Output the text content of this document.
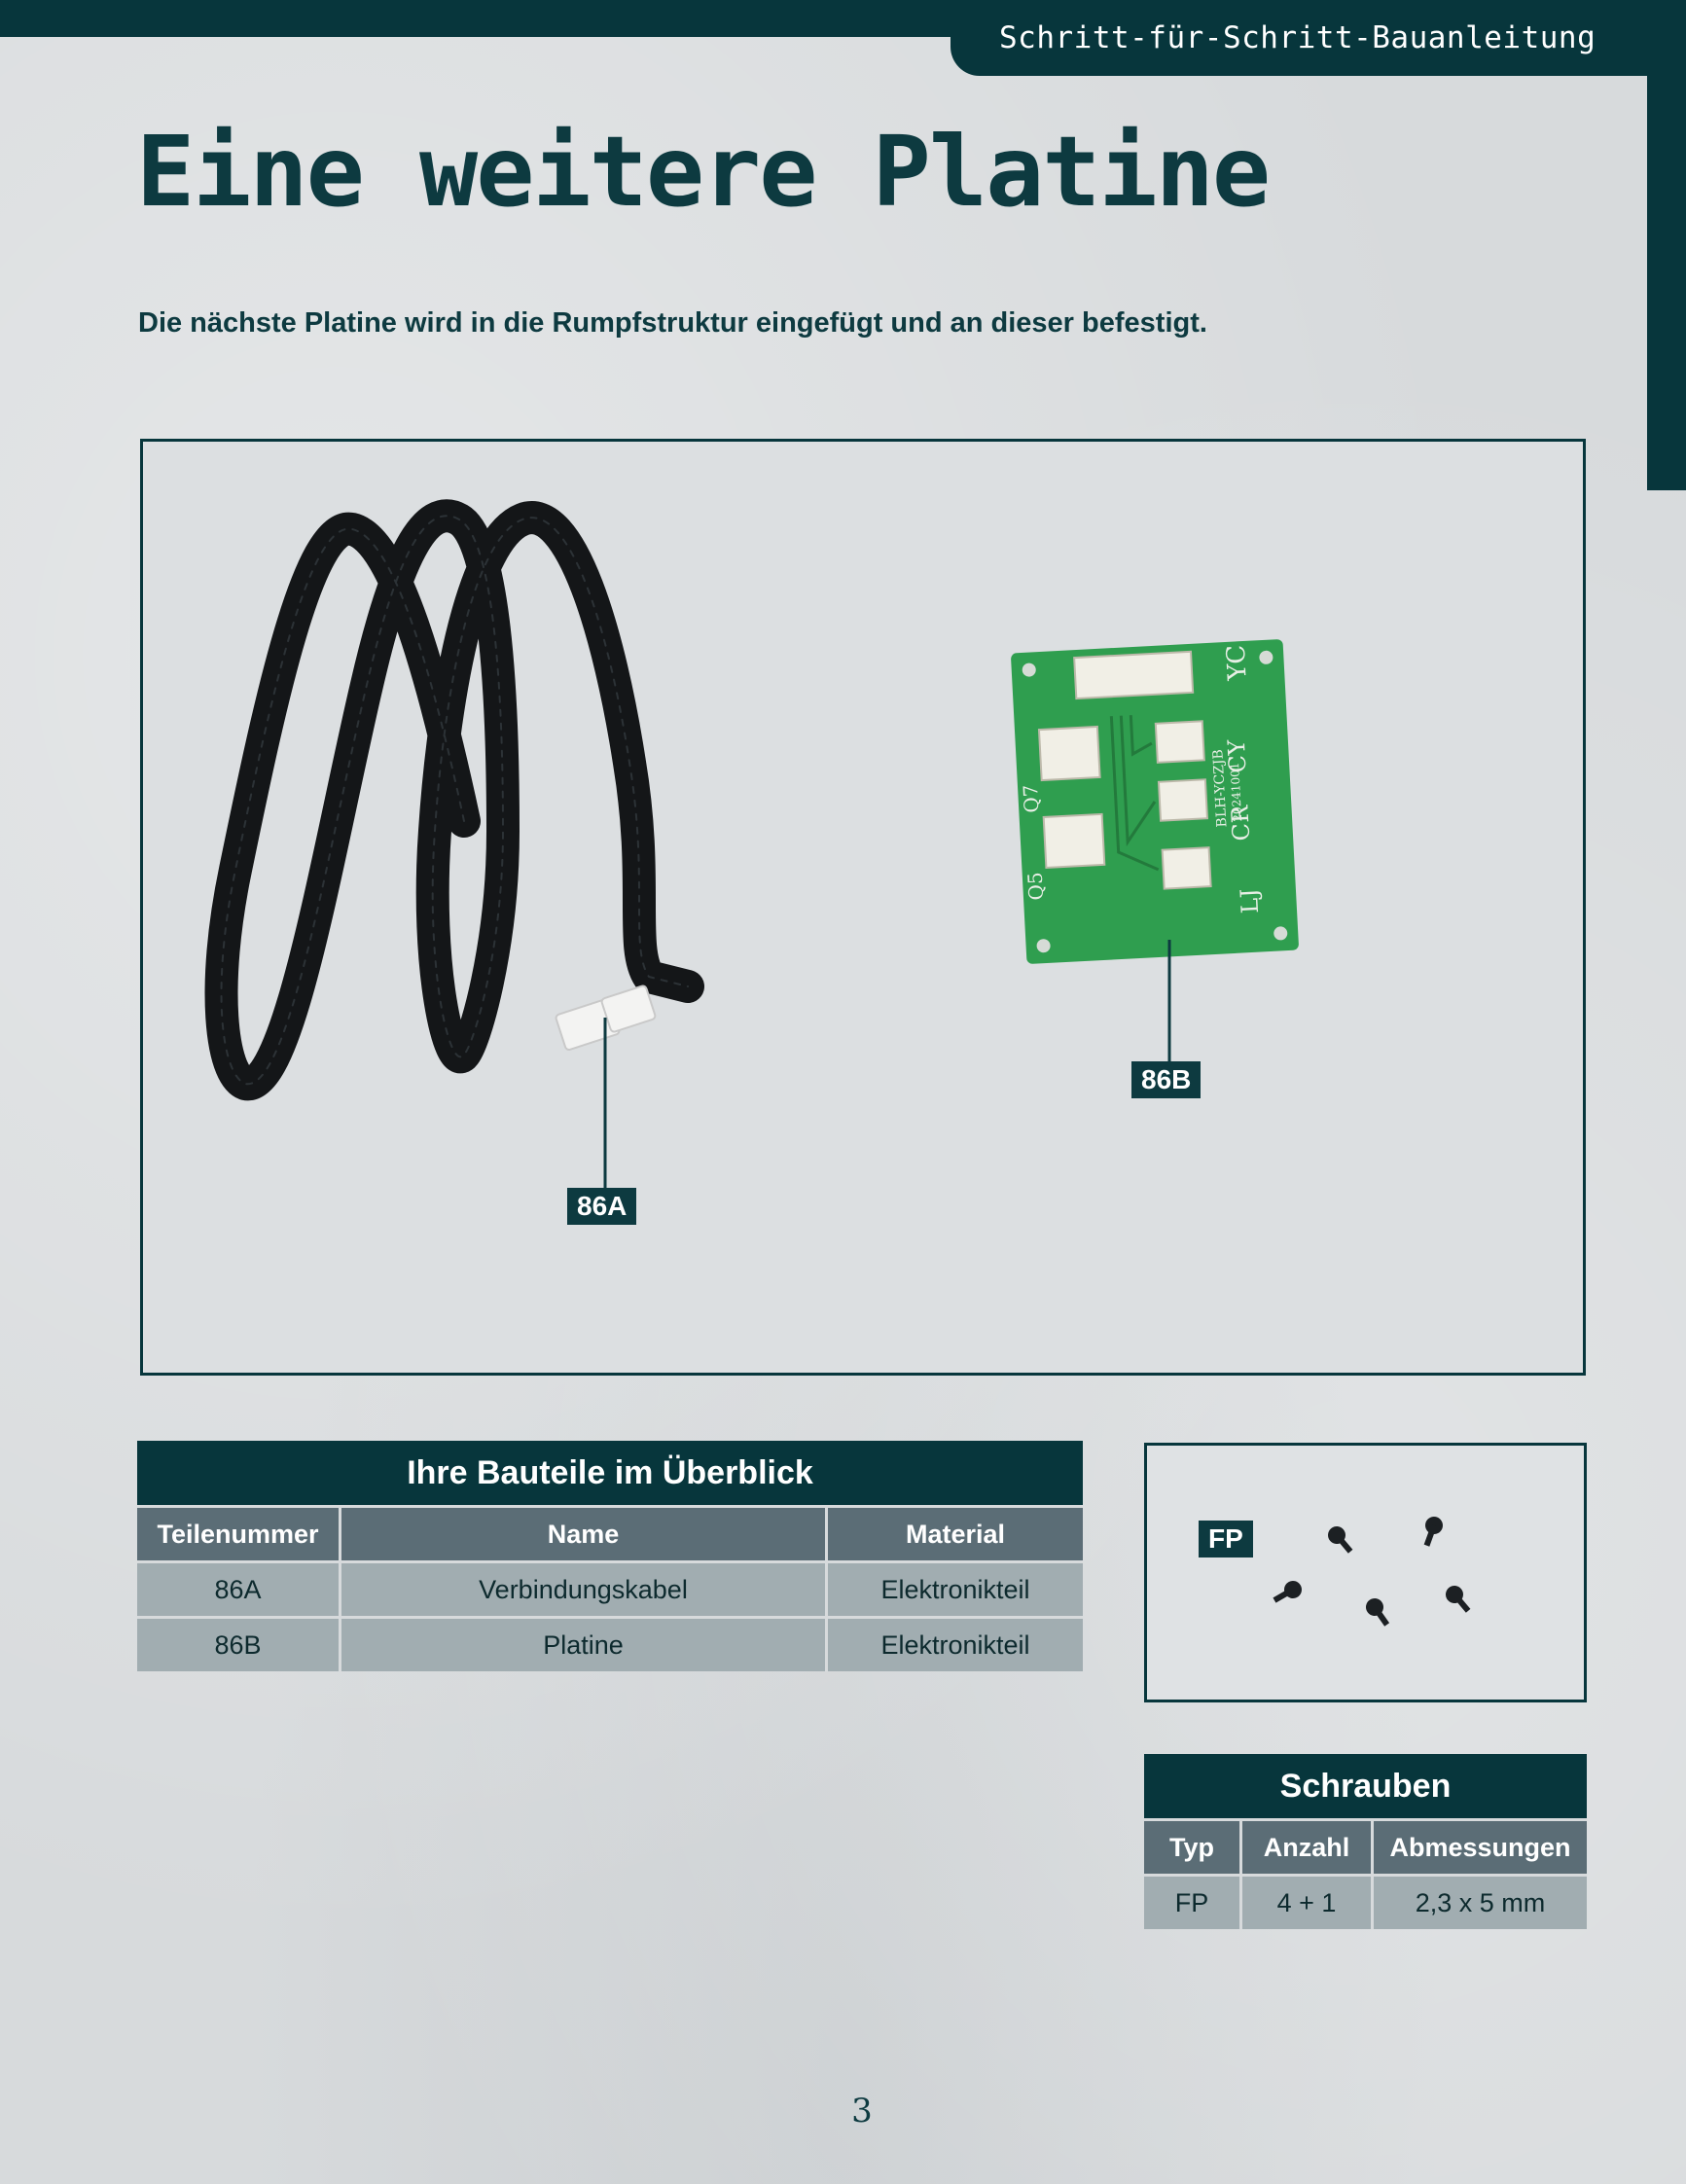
Schritt-für-Schritt-Bauanleitung
Eine weitere Platine
Die nächste Platine wird in die Rumpfstruktur eingefügt und an dieser befestigt.
YC
CY
CR
LJ
Q7
Q5
BLH-YCZJB
20241001
86A
86B
Ihre Bauteile im Überblick		
Teilenummer	Name	Material
86A	Verbindungskabel	Elektronikteil
86B	Platine	Elektronikteil
FP
Schrauben		
Typ	Anzahl	Abmessungen
FP	4 + 1	2,3 x 5 mm
3
